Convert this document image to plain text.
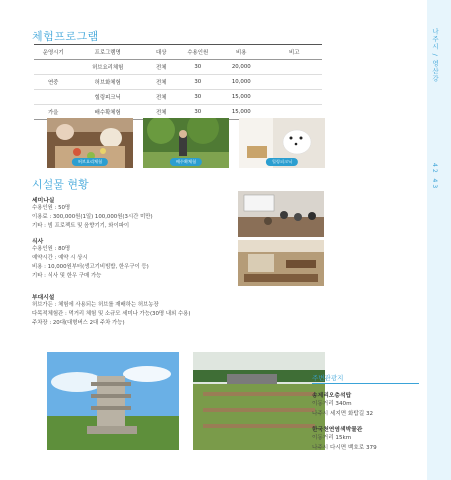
나주시 / 영산강
42 43
체험프로그램
운영시기	프로그램명	대상	수용인원	비용	비고
	허브요리체험	전체	30	20,000	
연중	허브화체험	전체	30	10,000	
	힐링피크닉	전체	30	15,000	
가을	배수확체험	전체	30	15,000	
허브요리체험	배수확체험	힐링피크닉
시설물 현황
세미나실
수용인원 : 50명
이용료 : 300,000원(1일) 100,000원(3시간 미만)
기타 : 빔 프로젝트 및 음향기기, 와이파이
식사
수용인원 : 80명
예약시간 : 예약 시 상시
비용 : 10,000원부터(생고기비빔밥, 한우구이 등)
기타 : 식사 및 한우 구매 가능
부대시설
허브가든 : 체험에 사용되는 허브를 재배하는 허브농장
다목적체험관 : 먹거리 체험 및 소규모 세미나 가능(30명 내외 수용)
주차장 : 20대(대형버스 2대 주차 가능)
주변관광지
송제리오층석탑
이동거리 340m
나주시 세지면 화탑길 32
한국천연염색박물관
이동거리 15km
나주시 다시면 백호로 379
